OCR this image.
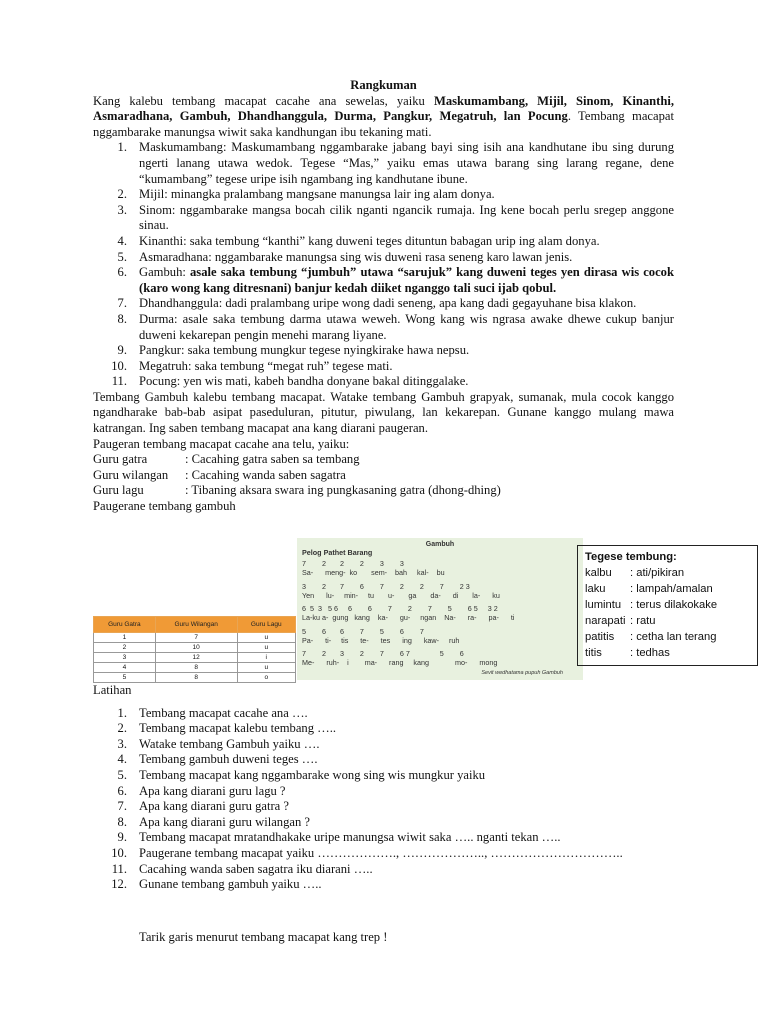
Rangkuman
Kang kalebu tembang macapat cacahe ana sewelas, yaiku Maskumambang, Mijil, Sinom, Kinanthi, Asmaradhana, Gambuh, Dhandhanggula, Durma, Pangkur, Megatruh, lan Pocung. Tembang macapat nggambarake manungsa wiwit saka kandhungan ibu tekaning mati.
1. Maskumambang: Maskumambang nggambarake jabang bayi sing isih ana kandhutane ibu sing durung ngerti lanang utawa wedok. Tegese “Mas,” yaiku emas utawa barang sing larang regane, dene “kumambang” tegese uripe isih ngambang ing kandhutane ibune.
2. Mijil: minangka pralambang mangsane manungsa lair ing alam donya.
3. Sinom: nggambarake mangsa bocah cilik nganti ngancik rumaja. Ing kene bocah perlu sregep anggone sinau.
4. Kinanthi: saka tembung “kanthi” kang duweni teges dituntun babagan urip ing alam donya.
5. Asmaradhana: nggambarake manungsa sing wis duweni rasa seneng karo lawan jenis.
6. Gambuh: asale saka tembung “jumbuh” utawa “sarujuk” kang duweni teges yen dirasa wis cocok (karo wong kang ditresnani) banjur kedah diiket nganggo tali suci ijab qobul.
7. Dhandhanggula: dadi pralambang uripe wong dadi seneng, apa kang dadi gegayuhane bisa klakon.
8. Durma: asale saka tembung darma utawa weweh. Wong kang wis ngrasa awake dhewe cukup banjur duweni kekarepan pengin menehi marang liyane.
9. Pangkur: saka tembung mungkur tegese nyingkirake hawa nepsu.
10. Megatruh: saka tembung “megat ruh” tegese mati.
11. Pocung: yen wis mati, kabeh bandha donyane bakal ditinggalake.
Tembang Gambuh kalebu tembang macapat. Watake tembang Gambuh grapyak, sumanak, mula cocok kanggo ngandharake bab-bab asipat paseduluran, pitutur, piwulang, lan kekarepan. Gunane kanggo mulang mawa katrangan. Ing saben tembang macapat ana kang diarani paugeran.
Paugeran tembang macapat cacahe ana telu, yaiku:
Guru gatra	: Cacahing gatra saben sa tembang
Guru wilangan : Cacahing wanda saben sagatra
Guru lagu	: Tibaning aksara swara ing pungkasaning gatra (dhong-dhing)
Paugerane tembang gambuh
Guru Gatra	Guru Wilangan	Guru Lagu
1	7	u
2	10	u
3	12	i
4	8	u
5	8	o
Gambuh
Pelog Pathet Barang
Sevit wedhatama pupuh Gambuh
7        2       2        2        3        3
Sa-      meng-  ko       sem-    bah     kal-    bu
3        2       7        6        7        2        2        7        2 3
Yen      lu-     min-     tu       u-       ga       da-      di       la-      ku
6  5  3   5 6     6        6        7        2        7        5        6 5     3 2
La-ku a-  gung   kang    ka-      gu-     ngan    Na-      ra-      pa-      ti
5        6       6        7        5        6        7
Pa-      ti-     tis      te-      tes      ing      kaw-     ruh
7        2       3        2        7        6 7               5        6
Me-      ruh-    i        ma-      rang     kang             mo-      mong
Tegese tembung:
kalbu : ati/pikiran
laku : lampah/amalan
lumintu : terus dilakokake
narapati : ratu
patitis : cetha lan terang
titis	: tedhas
Latihan
1. Tembang macapat cacahe ana ….
2. Tembang macapat kalebu tembang …..
3. Watake tembang Gambuh yaiku ….
4. Tembang gambuh duweni teges ….
5. Tembang macapat kang nggambarake wong sing wis mungkur yaiku
6. Apa kang diarani guru lagu ?
7. Apa kang diarani guru gatra ?
8. Apa kang diarani guru wilangan ?
9. Tembang macapat mratandhakake uripe manungsa wiwit saka ….. nganti tekan …..
10. Paugerane tembang macapat yaiku ………………., ……………….., …………………………..
11. Cacahing wanda saben sagatra iku diarani …..
12. Gunane tembang gambuh yaiku …..
Tarik garis menurut tembang macapat kang trep !
